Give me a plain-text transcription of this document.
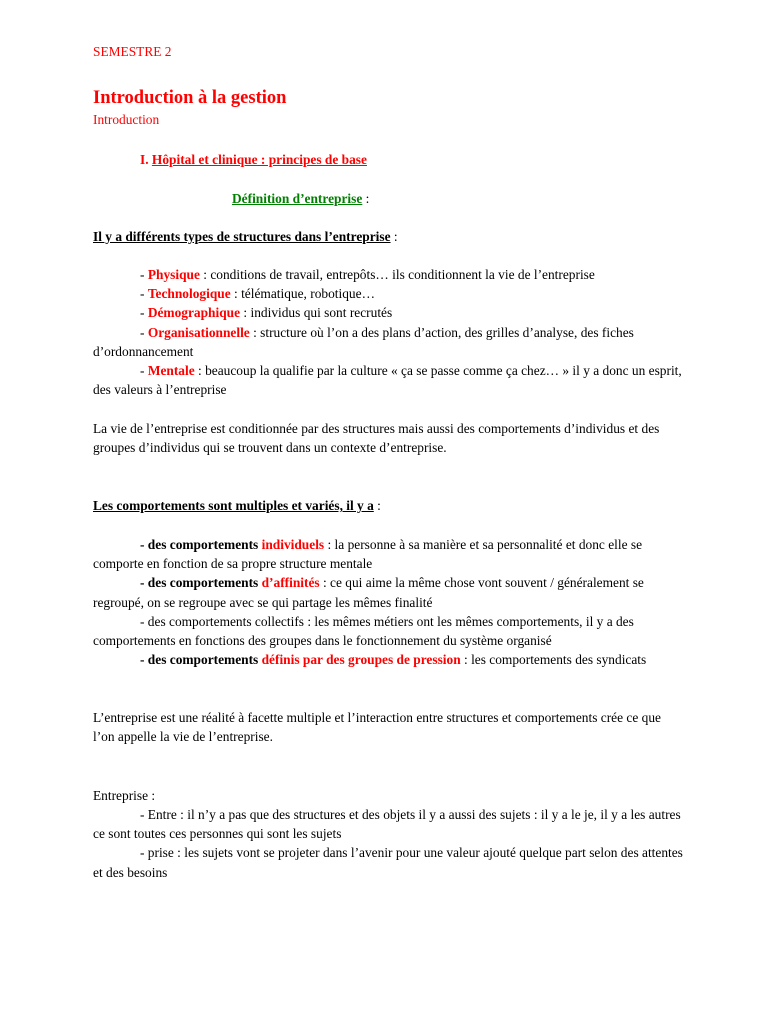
SEMESTRE 2

Introduction à la gestion

Introduction

I. Hôpital et clinique : principes de base

Définition d’entreprise :

Il y a différents types de structures dans l’entreprise :

- Physique : conditions de travail, entrepôts… ils conditionnent la vie de l’entreprise

- Technologique : télématique, robotique…

- Démographique : individus qui sont recrutés

- Organisationnelle : structure où l’on a des plans d’action, des grilles d’analyse, des fiches d’ordonnancement

- Mentale : beaucoup la qualifie par la culture « ça se passe comme ça chez… » il y a donc un esprit, des valeurs à l’entreprise

La vie de l’entreprise est conditionnée par des structures mais aussi des comportements d’individus et des groupes d’individus qui se trouvent dans un contexte d’entreprise.

Les comportements sont multiples et variés, il y a :

- des comportements individuels : la personne à sa manière et sa personnalité et donc elle se comporte en fonction de sa propre structure mentale

- des comportements d’affinités : ce qui aime la même chose vont souvent / généralement se regroupé, on se regroupe avec se qui partage les mêmes finalité

- des comportements collectifs : les mêmes métiers ont les mêmes comportements, il y a des comportements en fonctions des groupes dans le fonctionnement du système organisé

- des comportements définis par des groupes de pression : les comportements des syndicats

L’entreprise est une réalité à facette multiple et l’interaction entre structures et comportements crée ce que l’on appelle la vie de l’entreprise.

Entreprise :

- Entre : il n’y a pas que des structures et des objets il y a aussi des sujets : il y a le je, il y a les autres ce sont toutes ces personnes qui sont les sujets

- prise : les sujets vont se projeter dans l’avenir pour une valeur ajouté quelque part selon des attentes et des besoins
